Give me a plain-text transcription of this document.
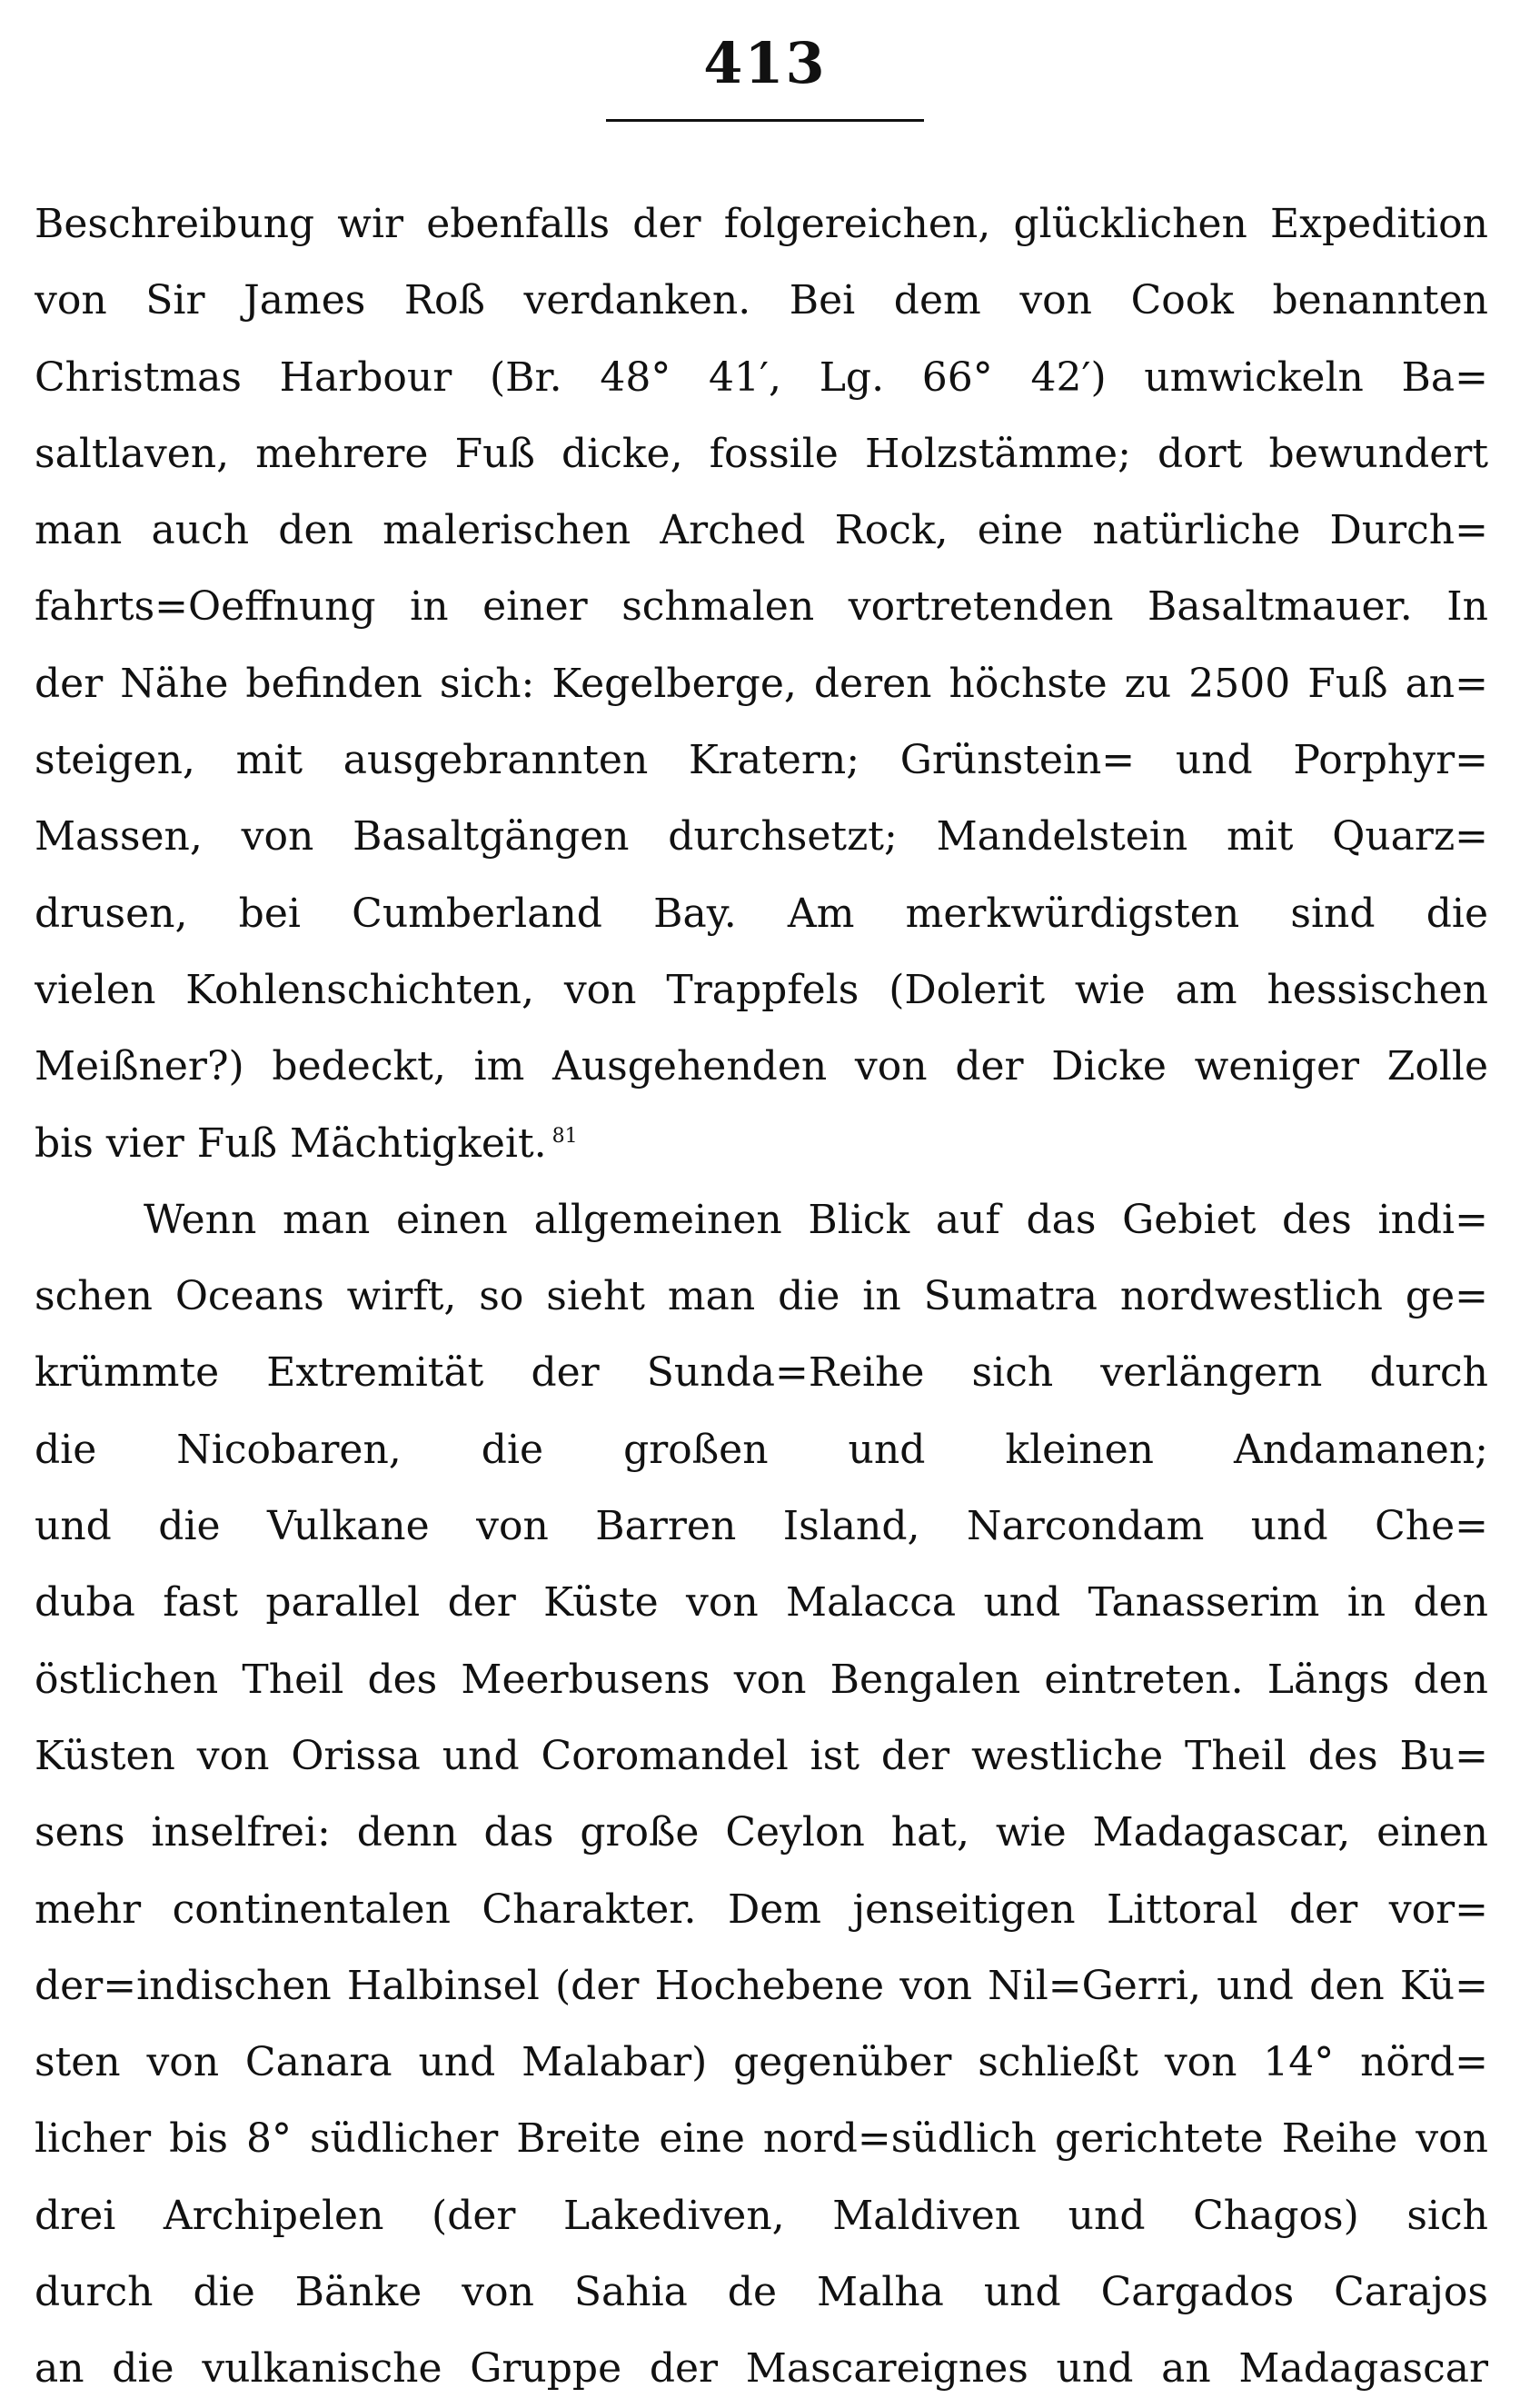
413
Beschreibung wir ebenfalls der folgereichen, glücklichen Expedition
von Sir James Roß verdanken. Bei dem von Cook benannten
Christmas Harbour (Br. 48° 41′, Lg. 66° 42′) umwickeln Ba=
saltlaven, mehrere Fuß dicke, fossile Holzstämme; dort bewundert
man auch den malerischen Arched Rock, eine natürliche Durch=
fahrts=Oeffnung in einer schmalen vortretenden Basaltmauer. In
der Nähe befinden sich: Kegelberge, deren höchste zu 2500 Fuß an=
steigen, mit ausgebrannten Kratern; Grünstein= und Porphyr=
Massen, von Basaltgängen durchsetzt; Mandelstein mit Quarz=
drusen, bei Cumberland Bay. Am merkwürdigsten sind die
vielen Kohlenschichten, von Trappfels (Dolerit wie am hessischen
Meißner?) bedeckt, im Ausgehenden von der Dicke weniger Zolle
bis vier Fuß Mächtigkeit. $^{81}$
Wenn man einen allgemeinen Blick auf das Gebiet des indi=
schen Oceans wirft, so sieht man die in Sumatra nordwestlich ge=
krümmte Extremität der Sunda=Reihe sich verlängern durch
die Nicobaren, die großen und kleinen Andamanen;
und die Vulkane von Barren Island, Narcondam und Che=
duba fast parallel der Küste von Malacca und Tanasserim in den
östlichen Theil des Meerbusens von Bengalen eintreten. Längs den
Küsten von Orissa und Coromandel ist der westliche Theil des Bu=
sens inselfrei: denn das große Ceylon hat, wie Madagascar, einen
mehr continentalen Charakter. Dem jenseitigen Littoral der vor=
der=indischen Halbinsel (der Hochebene von Nil=Gerri, und den Kü=
sten von Canara und Malabar) gegenüber schließt von 14° nörd=
licher bis 8° südlicher Breite eine nord=südlich gerichtete Reihe von
drei Archipelen (der Lakediven, Maldiven und Chagos) sich
durch die Bänke von Sahia de Malha und Cargados Carajos
an die vulkanische Gruppe der Mascareignes und an Madagascar
